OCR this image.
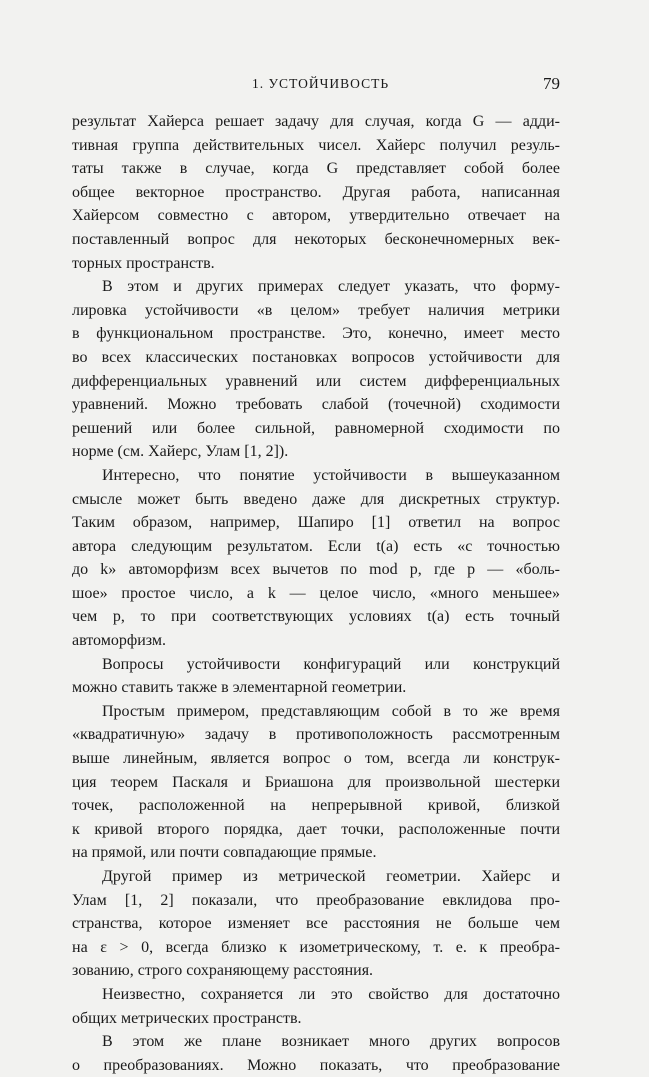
1. УСТОЙЧИВОСТЬ	79
результат Хайерса решает задачу для случая, когда G — адди-
тивная группа действительных чисел. Хайерс получил резуль-
таты также в случае, когда G представляет собой более
общее векторное пространство. Другая работа, написанная
Хайерсом совместно с автором, утвердительно отвечает на
поставленный вопрос для некоторых бесконечномерных век-
торных пространств.
В этом и других примерах следует указать, что форму-
лировка устойчивости «в целом» требует наличия метрики
в функциональном пространстве. Это, конечно, имеет место
во всех классических постановках вопросов устойчивости для
дифференциальных уравнений или систем дифференциальных
уравнений. Можно требовать слабой (точечной) сходимости
решений или более сильной, равномерной сходимости по
норме (см. Хайерс, Улам [1, 2]).
Интересно, что понятие устойчивости в вышеуказанном
смысле может быть введено даже для дискретных структур.
Таким образом, например, Шапиро [1] ответил на вопрос
автора следующим результатом. Если t(a) есть «с точностью
до k» автоморфизм всех вычетов по mod p, где p — «боль-
шое» простое число, а k — целое число, «много меньшее»
чем p, то при соответствующих условиях t(a) есть точный
автоморфизм.
Вопросы устойчивости конфигураций или конструкций
можно ставить также в элементарной геометрии.
Простым примером, представляющим собой в то же время
«квадратичную» задачу в противоположность рассмотренным
выше линейным, является вопрос о том, всегда ли конструк-
ция теорем Паскаля и Бриашона для произвольной шестерки
точек, расположенной на непрерывной кривой, близкой
к кривой второго порядка, дает точки, расположенные почти
на прямой, или почти совпадающие прямые.
Другой пример из метрической геометрии. Хайерс и
Улам [1, 2] показали, что преобразование евклидова про-
странства, которое изменяет все расстояния не больше чем
на ε > 0, всегда близко к изометрическому, т. е. к преобра-
зованию, строго сохраняющему расстояния.
Неизвестно, сохраняется ли это свойство для достаточно
общих метрических пространств.
В этом же плане возникает много других вопросов
о преобразованиях. Можно показать, что преобразование
